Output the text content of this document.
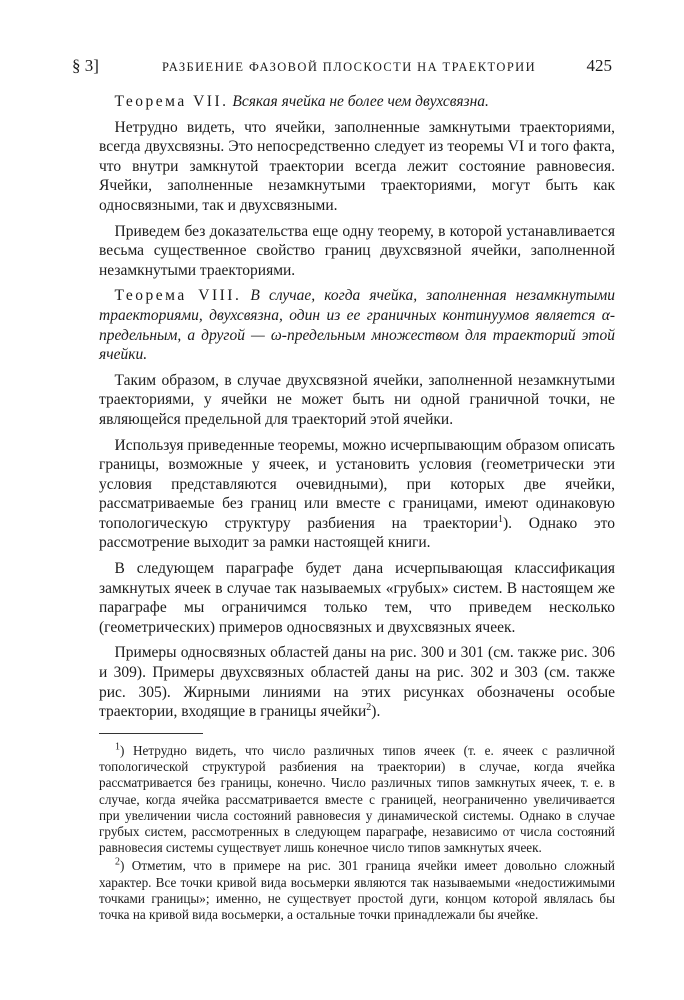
§ 3]	РАЗБИЕНИЕ ФАЗОВОЙ ПЛОСКОСТИ НА ТРАЕКТОРИИ	425

 Теорема VII. Всякая ячейка не более чем двухсвязна.

 Нетрудно видеть, что ячейки, заполненные замкнутыми траекториями, всегда двухсвязны. Это непосредственно следует из теоремы VI и того факта, что внутри замкнутой траектории всегда лежит состояние равновесия. Ячейки, заполненные незамкнутыми траекториями, могут быть как односвязными, так и двухсвязными.

 Приведем без доказательства еще одну теорему, в которой устанавливается весьма существенное свойство границ двухсвязной ячейки, заполненной незамкнутыми траекториями.

 Теорема VIII. В случае, когда ячейка, заполненная незамкнутыми траекториями, двухсвязна, один из ее граничных континуумов является α-предельным, а другой — ω-предельным множеством для траекторий этой ячейки.

 Таким образом, в случае двухсвязной ячейки, заполненной незамкнутыми траекториями, у ячейки не может быть ни одной граничной точки, не являющейся предельной для траекторий этой ячейки.

 Используя приведенные теоремы, можно исчерпывающим образом описать границы, возможные у ячеек, и установить условия (геометрически эти условия представляются очевидными), при которых две ячейки, рассматриваемые без границ или вместе с границами, имеют одинаковую топологическую структуру разбиения на траектории$^1$). Однако это рассмотрение выходит за рамки настоящей книги.

 В следующем параграфе будет дана исчерпывающая классификация замкнутых ячеек в случае так называемых «грубых» систем. В настоящем же параграфе мы ограничимся только тем, что приведем несколько (геометрических) примеров односвязных и двухсвязных ячеек.

 Примеры односвязных областей даны на рис. 300 и 301 (см. также рис. 306 и 309). Примеры двухсвязных областей даны на рис. 302 и 303 (см. также рис. 305). Жирными линиями на этих рисунках обозначены особые траектории, входящие в границы ячейки$^2$).

$^1$) Нетрудно видеть, что число различных типов ячеек (т. е. ячеек с различной топологической структурой разбиения на траектории) в случае, когда ячейка рассматривается без границы, конечно. Число различных типов замкнутых ячеек, т. е. в случае, когда ячейка рассматривается вместе с границей, неограниченно увеличивается при увеличении числа состояний равновесия у динамической системы. Однако в случае грубых систем, рассмотренных в следующем параграфе, независимо от числа состояний равновесия системы существует лишь конечное число типов замкнутых ячеек.

$^2$) Отметим, что в примере на рис. 301 граница ячейки имеет довольно сложный характер. Все точки кривой вида восьмерки являются так называемыми «недостижимыми точками границы»; именно, не существует простой дуги, концом которой являлась бы точка на кривой вида восьмерки, а остальные точки принадлежали бы ячейке.
